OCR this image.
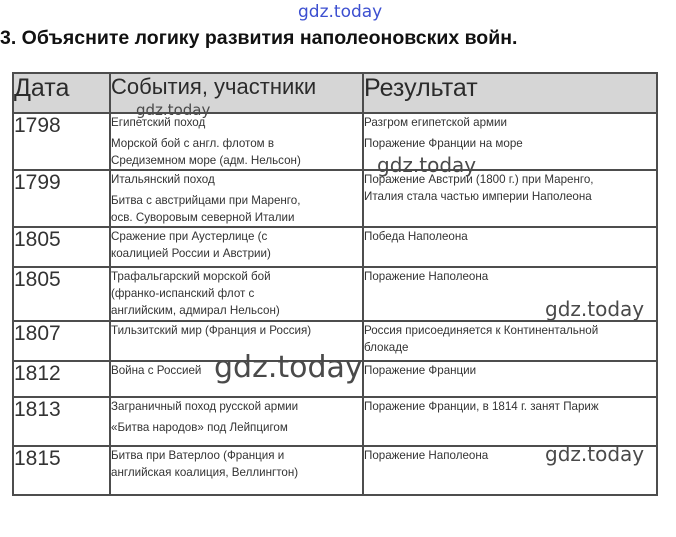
gdz.today
gdz.today
gdz.today
gdz.today
gdz.today
gdz.today
3. Объясните логику развития наполеоновских войн.
Дата	События, участники	Результат
1798	Египетский поход
Морской бой с англ. флотом в
Средиземном море (адм. Нельсон)	Разгром египетской армии
Поражение Франции на море

1799	Итальянский поход
Битва с австрийцами при Маренго,
осв. Суворовым северной Италии	Поражение Австрии (1800 г.) при Маренго,
Италия стала частью империи Наполеона

1805	Сражение при Аустерлице (с
коалицией России и Австрии)	Победа Наполеона

1805	Трафальгарский морской бой
(франко-испанский флот с
английским, адмирал Нельсон)	Поражение Наполеона

1807	Тильзитский мир (Франция и Россия)	Россия присоединяется к Континентальной
блокаде

1812	Война с Россией	Поражение Франции

1813	Заграничный поход русской армии
«Битва народов» под Лейпцигом	Поражение Франции, в 1814 г. занят Париж

1815	Битва при Ватерлоо (Франция и
английская коалиция, Веллингтон)	Поражение Наполеона
